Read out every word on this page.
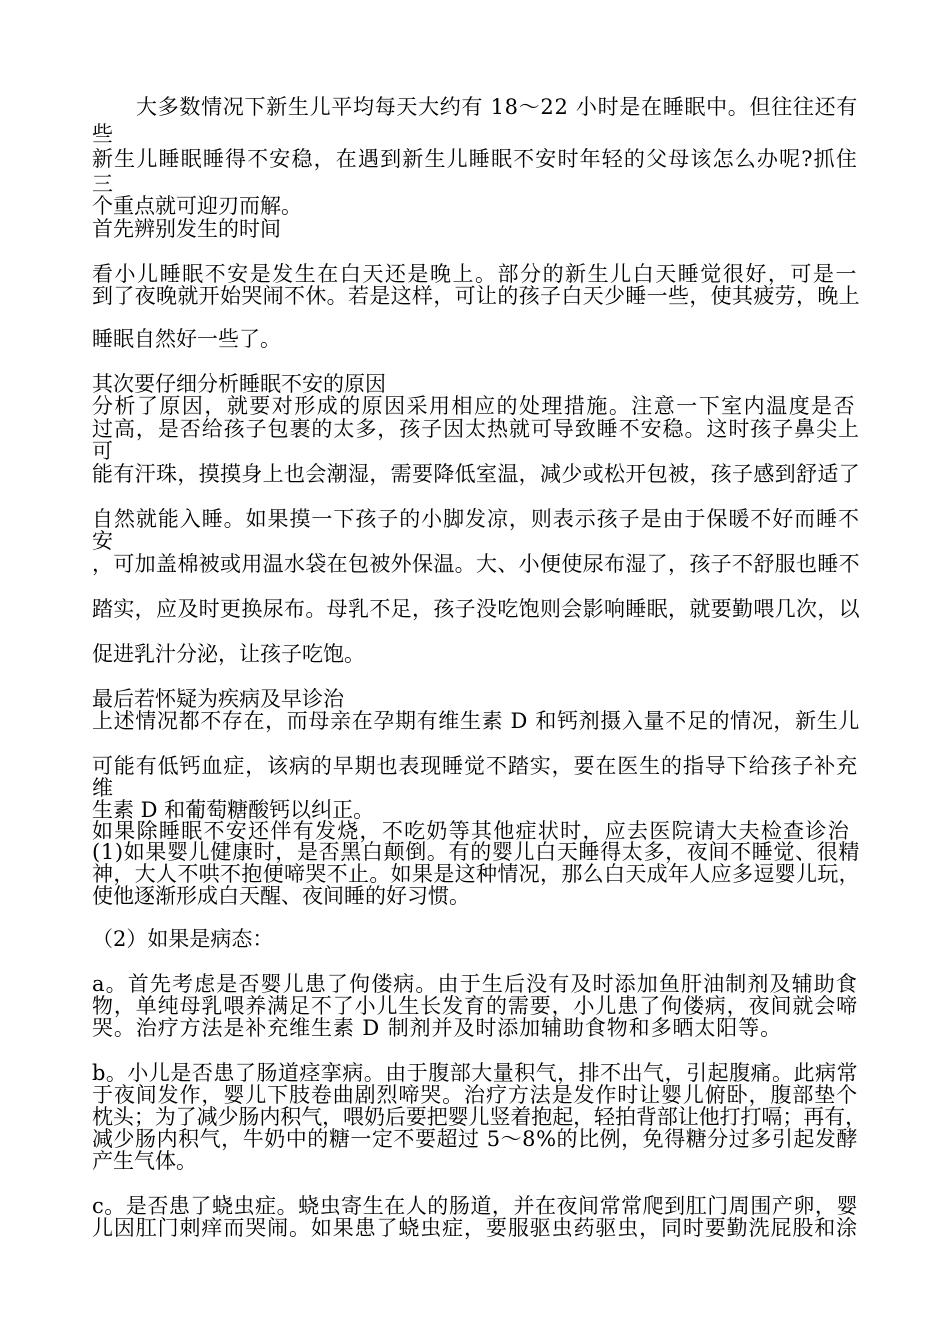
大多数情况下新生儿平均每天大约有 18～22 小时是在睡眠中。但往往还有
些
新生儿睡眠睡得不安稳，在遇到新生儿睡眠不安时年轻的父母该怎么办呢?抓住
三
个重点就可迎刃而解。
首先辨别发生的时间
看小儿睡眠不安是发生在白天还是晚上。部分的新生儿白天睡觉很好，可是一
到了夜晚就开始哭闹不休。若是这样，可让的孩子白天少睡一些，使其疲劳，晚上
睡眠自然好一些了。
其次要仔细分析睡眠不安的原因
分析了原因，就要对形成的原因采用相应的处理措施。注意一下室内温度是否
过高，是否给孩子包裹的太多，孩子因太热就可导致睡不安稳。这时孩子鼻尖上
可
能有汗珠，摸摸身上也会潮湿，需要降低室温，减少或松开包被，孩子感到舒适了
自然就能入睡。如果摸一下孩子的小脚发凉，则表示孩子是由于保暖不好而睡不
安
，可加盖棉被或用温水袋在包被外保温。大、小便使尿布湿了，孩子不舒服也睡不
踏实，应及时更换尿布。母乳不足，孩子没吃饱则会影响睡眠，就要勤喂几次，以
促进乳汁分泌，让孩子吃饱。
最后若怀疑为疾病及早诊治
上述情况都不存在，而母亲在孕期有维生素 D 和钙剂摄入量不足的情况，新生儿
可能有低钙血症，该病的早期也表现睡觉不踏实，要在医生的指导下给孩子补充
维
生素 D 和葡萄糖酸钙以纠正。
如果除睡眠不安还伴有发烧，不吃奶等其他症状时，应去医院请大夫检查诊治
(1)如果婴儿健康时，是否黑白颠倒。有的婴儿白天睡得太多，夜间不睡觉、很精
神，大人不哄不抱便啼哭不止。如果是这种情况，那么白天成年人应多逗婴儿玩，
使他逐渐形成白天醒、夜间睡的好习惯。
（2）如果是病态：
a。首先考虑是否婴儿患了佝偻病。由于生后没有及时添加鱼肝油制剂及辅助食
物，单纯母乳喂养满足不了小儿生长发育的需要，小儿患了佝偻病，夜间就会啼
哭。治疗方法是补充维生素 D 制剂并及时添加辅助食物和多晒太阳等。
b。小儿是否患了肠道痉挛病。由于腹部大量积气，排不出气，引起腹痛。此病常
于夜间发作，婴儿下肢卷曲剧烈啼哭。治疗方法是发作时让婴儿俯卧，腹部垫个
枕头；为了减少肠内积气，喂奶后要把婴儿竖着抱起，轻拍背部让他打打嗝；再有，
减少肠内积气，牛奶中的糖一定不要超过 5～8%的比例，免得糖分过多引起发酵
产生气体。
c。是否患了蛲虫症。蛲虫寄生在人的肠道，并在夜间常常爬到肛门周围产卵，婴
儿因肛门刺痒而哭闹。如果患了蛲虫症，要服驱虫药驱虫，同时要勤洗屁股和涂
